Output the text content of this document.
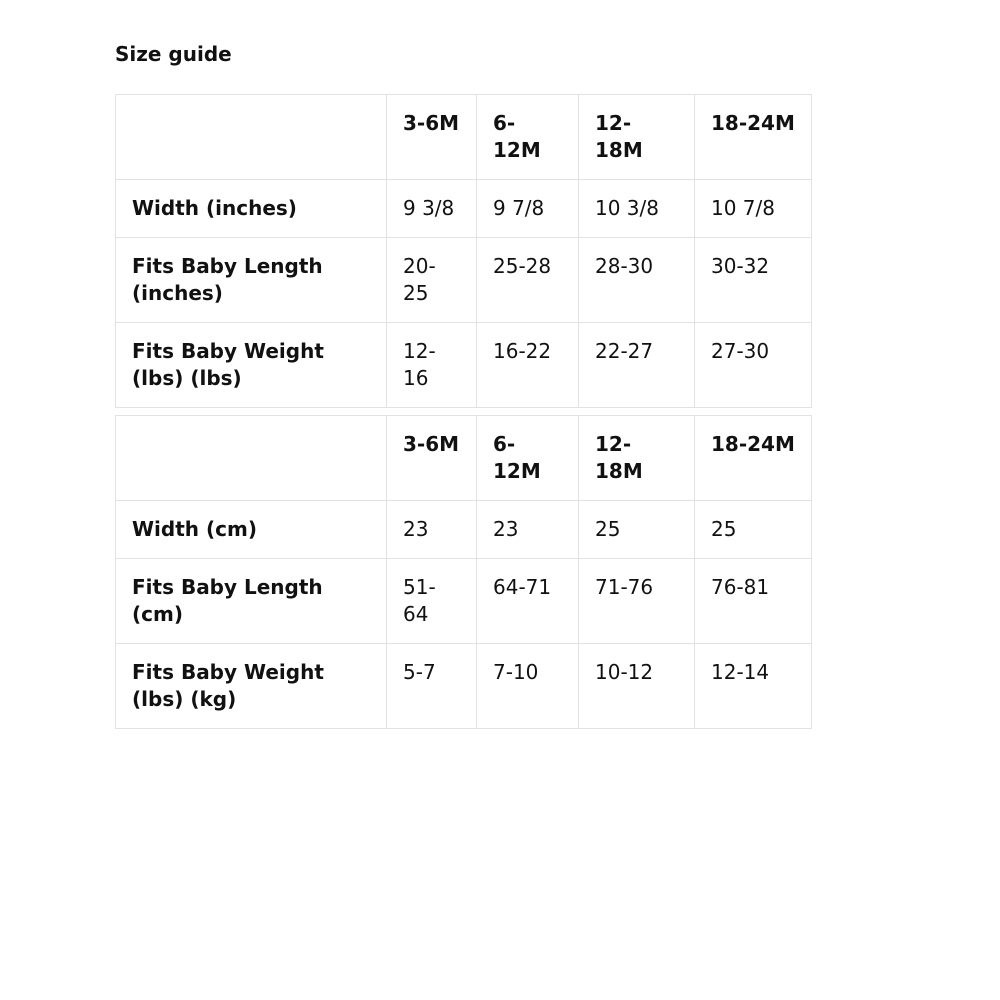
Size guide
	3-6M	6-12M	12-18M	18-24M
Width (inches)	9 3/8	9 7/8	10 3/8	10 7/8
Fits Baby Length (inches)	20-25	25-28	28-30	30-32
Fits Baby Weight (lbs) (lbs)	12-16	16-22	22-27	27-30
	3-6M	6-12M	12-18M	18-24M
Width (cm)	23	23	25	25
Fits Baby Length (cm)	51-64	64-71	71-76	76-81
Fits Baby Weight (lbs) (kg)	5-7	7-10	10-12	12-14
